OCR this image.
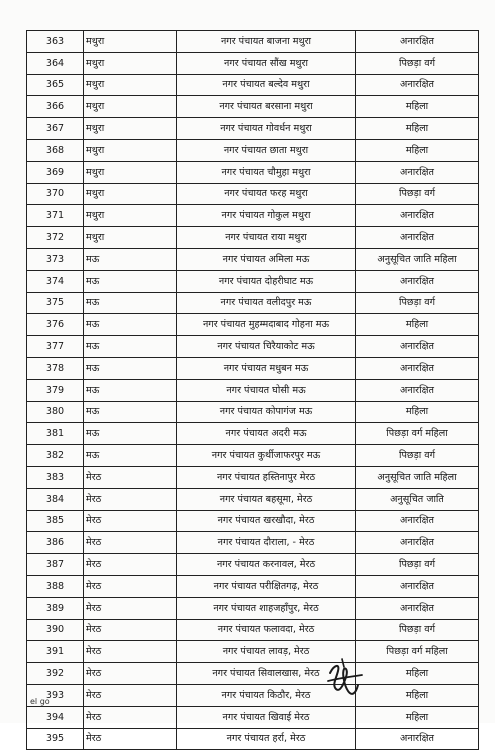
363	मथुरा	नगर पंचायत बाजना मथुरा	अनारक्षित
364	मथुरा	नगर पंचायत सौंख मथुरा	पिछड़ा वर्ग
365	मथुरा	नगर पंचायत बल्देव मथुरा	अनारक्षित
366	मथुरा	नगर पंचायत बरसाना मथुरा	महिला
367	मथुरा	नगर पंचायत गोवर्धन मथुरा	महिला
368	मथुरा	नगर पंचायत छाता मथुरा	महिला
369	मथुरा	नगर पंचायत चौमुहा मथुरा	अनारक्षित
370	मथुरा	नगर पंचायत फरह मथुरा	पिछड़ा वर्ग
371	मथुरा	नगर पंचायत गोकुल मथुरा	अनारक्षित
372	मथुरा	नगर पंचायत राया मथुरा	अनारक्षित
373	मऊ	नगर पंचायत अमिला मऊ	अनुसूचित जाति महिला
374	मऊ	नगर पंचायत दोहरीघाट मऊ	अनारक्षित
375	मऊ	नगर पंचायत वलीदपुर मऊ	पिछड़ा वर्ग
376	मऊ	नगर पंचायत मुहम्मदाबाद गोहना मऊ	महिला
377	मऊ	नगर पंचायत चिरैयाकोट मऊ	अनारक्षित
378	मऊ	नगर पंचायत मधुबन मऊ	अनारक्षित
379	मऊ	नगर पंचायत घोसी मऊ	अनारक्षित
380	मऊ	नगर पंचायत कोपागंज मऊ	महिला
381	मऊ	नगर पंचायत अदरी मऊ	पिछड़ा वर्ग महिला
382	मऊ	नगर पंचायत कुर्थीजाफरपुर मऊ	पिछड़ा वर्ग
383	मेरठ	नगर पंचायत हस्तिनापुर मेरठ	अनुसूचित जाति महिला
384	मेरठ	नगर पंचायत बहसूमा, मेरठ	अनुसूचित जाति
385	मेरठ	नगर पंचायत खरखौदा, मेरठ	अनारक्षित
386	मेरठ	नगर पंचायत दौराला, - मेरठ	अनारक्षित
387	मेरठ	नगर पंचायत करनावल, मेरठ	पिछड़ा वर्ग
388	मेरठ	नगर पंचायत परीक्षितगढ़, मेरठ	अनारक्षित
389	मेरठ	नगर पंचायत शाहजहाँपुर, मेरठ	अनारक्षित
390	मेरठ	नगर पंचायत फलावदा, मेरठ	पिछड़ा वर्ग
391	मेरठ	नगर पंचायत लावड़, मेरठ	पिछड़ा वर्ग महिला
392	मेरठ	नगर पंचायत सिवालखास, मेरठ	महिला
393	मेरठ	नगर पंचायत किठौर, मेरठ	महिला
394	मेरठ	नगर पंचायत खिवाई मेरठ	महिला
395	मेरठ	नगर पंचायत हर्रा, मेरठ	अनारक्षित
el go
